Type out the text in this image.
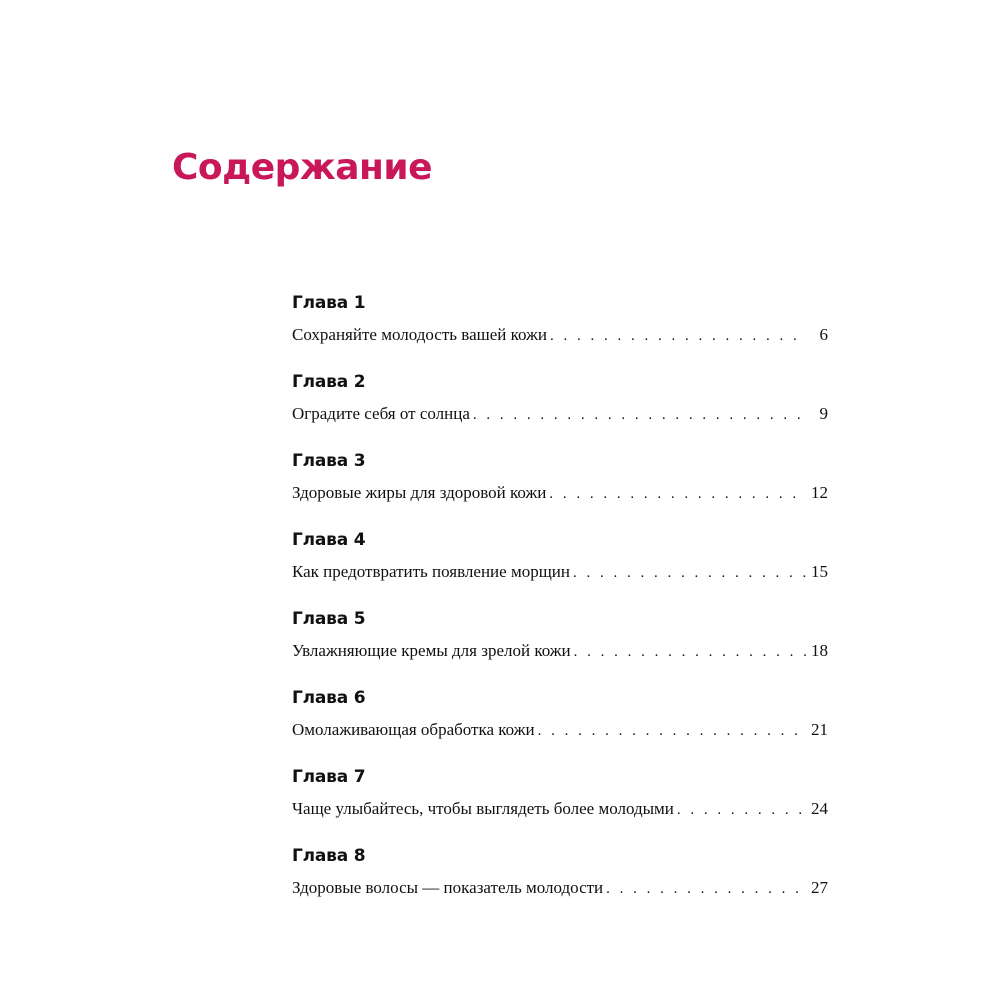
Содержание
Глава 1
Сохраняйте молодость вашей кожи . . .	6
Глава 2
Оградите себя от солнца . . .	9
Глава 3
Здоровые жиры для здоровой кожи . . .	12
Глава 4
Как предотвратить появление морщин . . .	15
Глава 5
Увлажняющие кремы для зрелой кожи . . .	18
Глава 6
Омолаживающая обработка кожи . . .	21
Глава 7
Чаще улыбайтесь, чтобы выглядеть более молодыми . . .	24
Глава 8
Здоровые волосы — показатель молодости . . .	27
